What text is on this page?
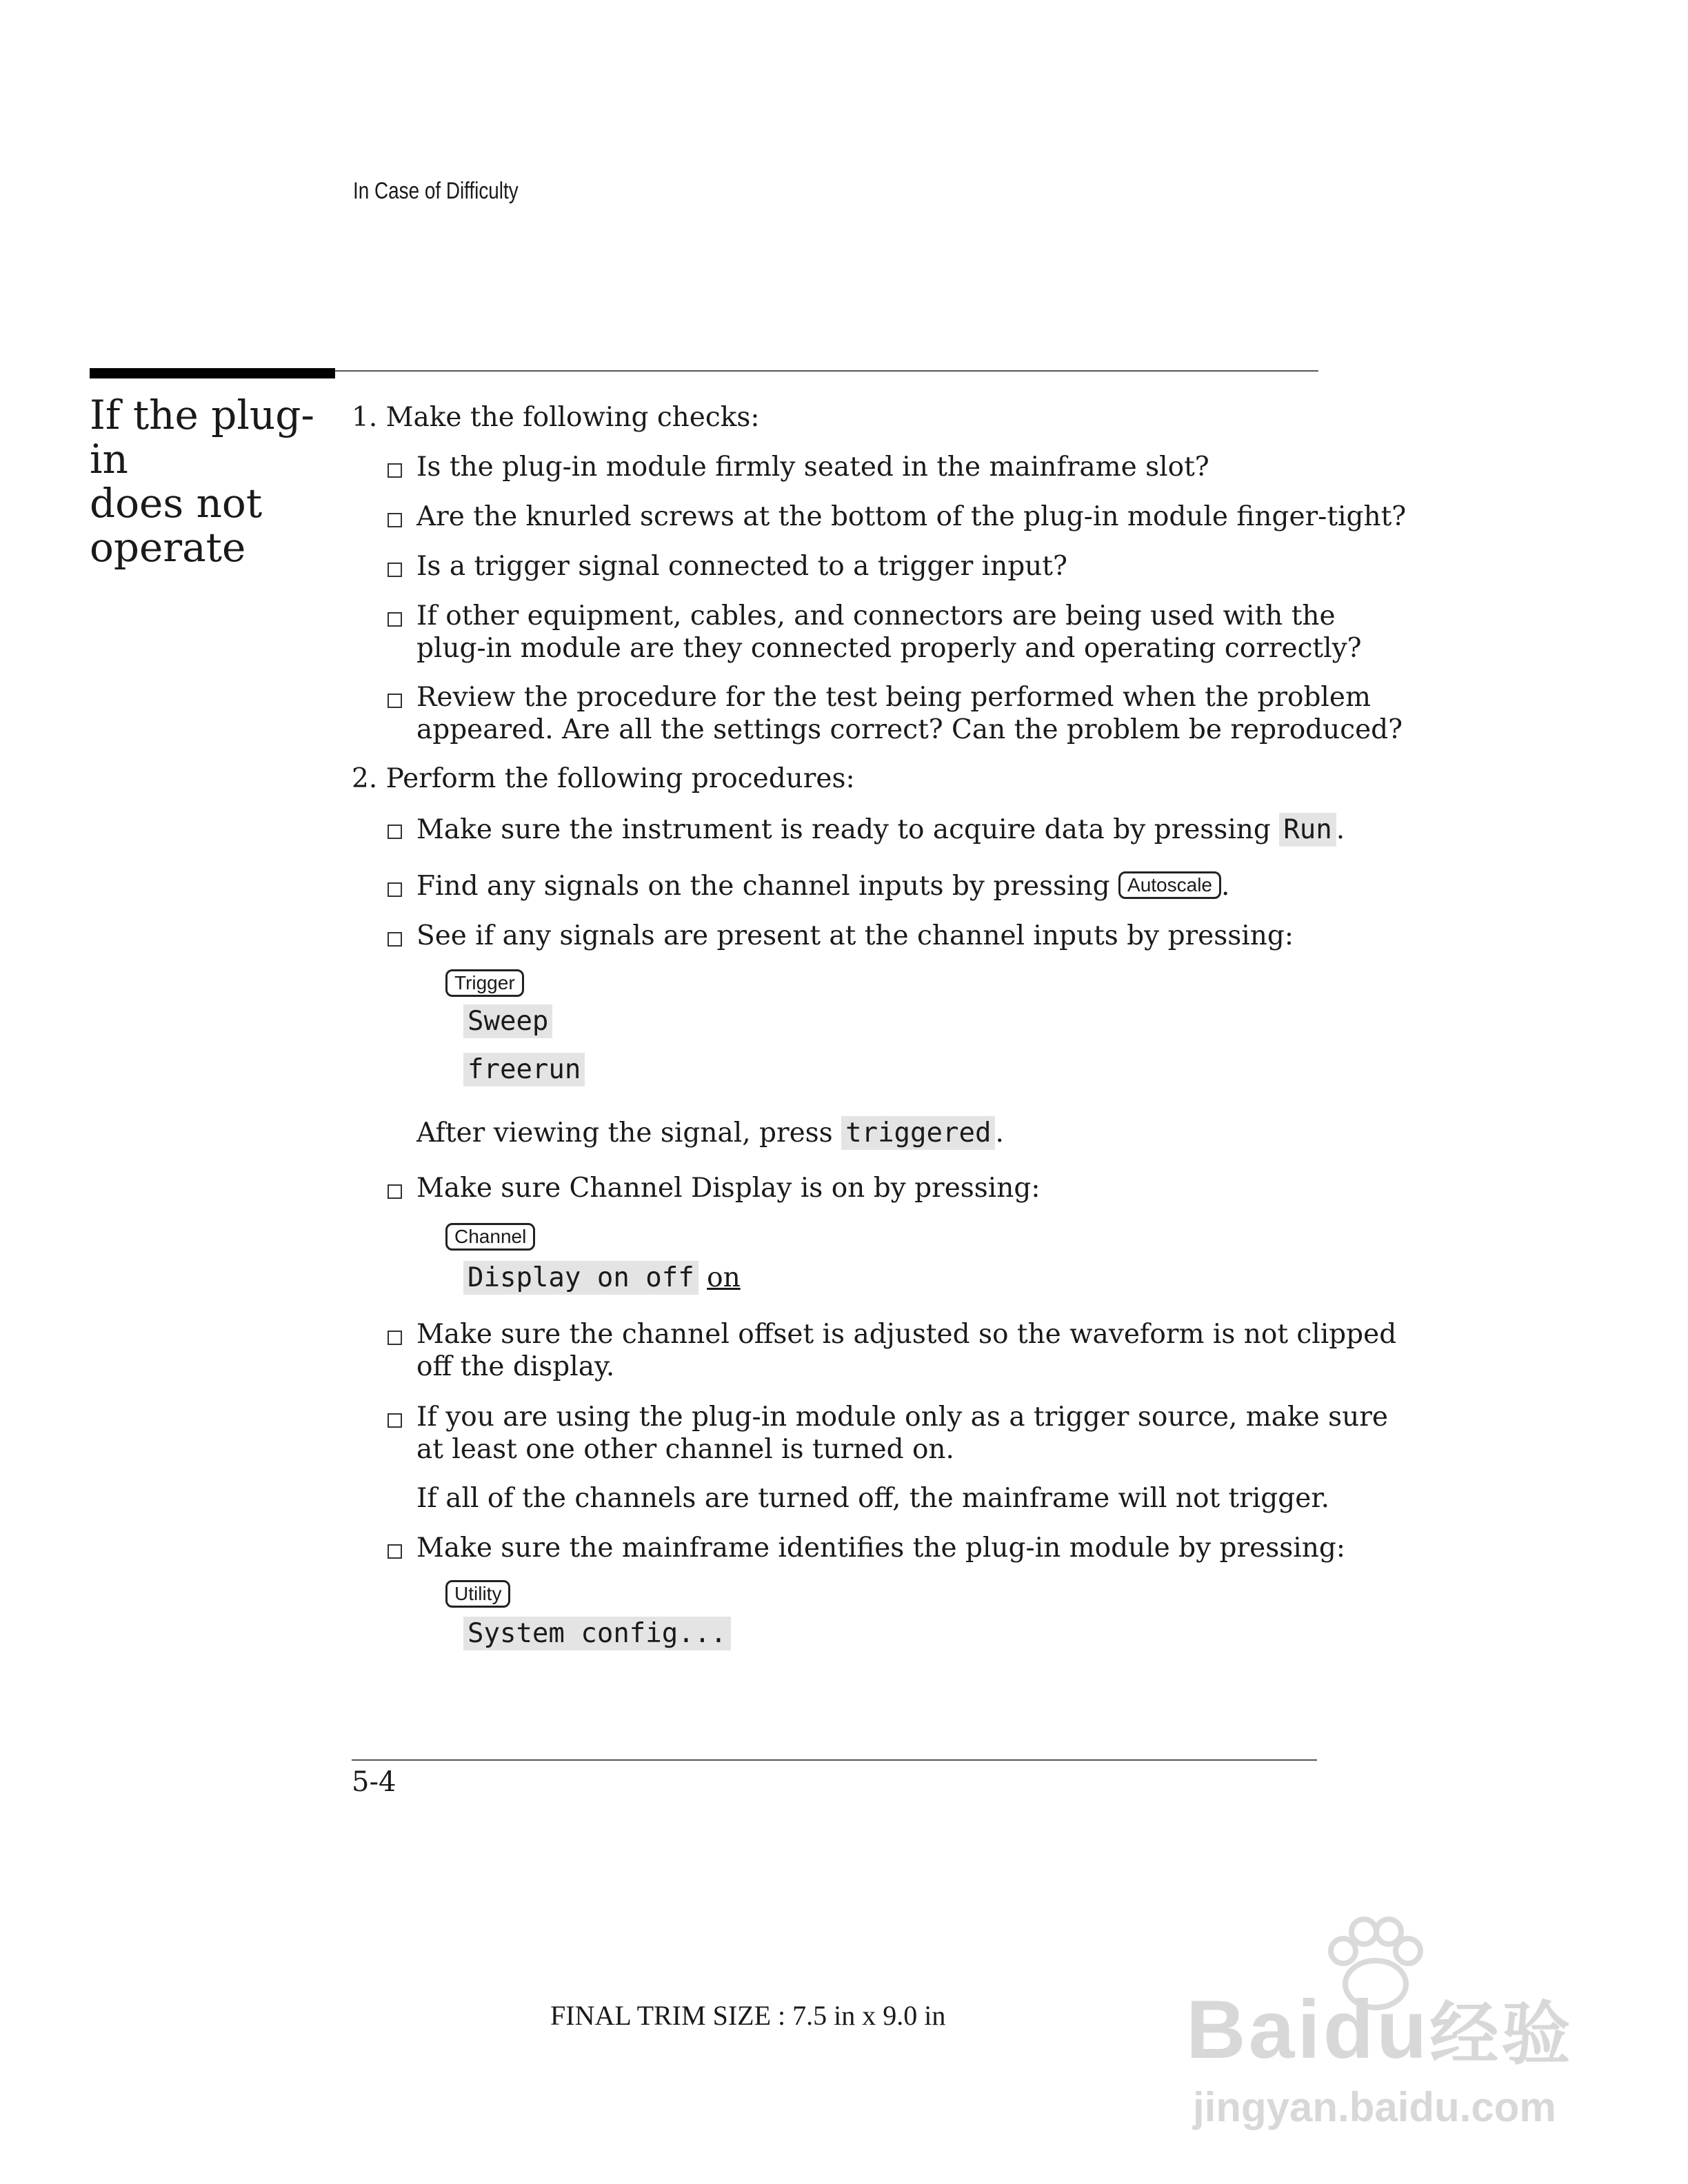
In Case of Difficulty
If the plug-in
does not
operate
1. Make the following checks:
Is the plug-in module firmly seated in the mainframe slot?
Are the knurled screws at the bottom of the plug-in module finger-tight?
Is a trigger signal connected to a trigger input?
If other equipment, cables, and connectors are being used with the
plug-in module are they connected properly and operating correctly?
Review the procedure for the test being performed when the problem
appeared. Are all the settings correct? Can the problem be reproduced?
2. Perform the following procedures:
Make sure the instrument is ready to acquire data by pressing Run .
Find any signals on the channel inputs by pressing Autoscale .
See if any signals are present at the channel inputs by pressing:
Trigger
Sweep
freerun
After viewing the signal, press triggered .
Make sure Channel Display is on by pressing:
Channel
Display on off on
Make sure the channel offset is adjusted so the waveform is not clipped
off the display.
If you are using the plug-in module only as a trigger source, make sure
at least one other channel is turned on.
If all of the channels are turned off, the mainframe will not trigger.
Make sure the mainframe identifies the plug-in module by pressing:
Utility
System config...
5-4
FINAL TRIM SIZE : 7.5 in x 9.0 in	Baidu经验
jingyan.baidu.com
